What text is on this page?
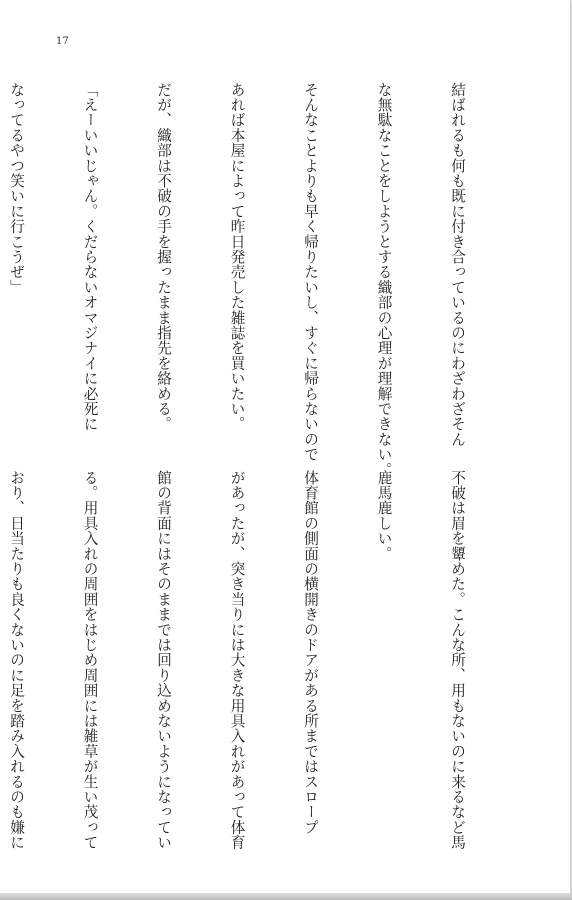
17

結ばれるも何も既に付き合っているのにわざわざそん

な無駄なことをしようとする織部の心理が理解できない。

そんなことよりも早く帰りたいし、すぐに帰らないので

あれば本屋によって昨日発売した雑誌を買いたい。

だが、織部は不破の手を握ったまま指先を絡める。

「えーいいじゃん。くだらないオマジナイに必死に

なってるやつ笑いに行こうぜ」

不破は眉を顰めた。こんな所、用もないのに来るなど馬

鹿馬鹿しい。

体育館の側面の横開きのドアがある所まではスロープ

があったが、突き当りには大きな用具入れがあって体育

館の背面にはそのままでは回り込めないようになってい

る。用具入れの周囲をはじめ周囲には雑草が生い茂って

おり、日当たりも良くないのに足を踏み入れるのも嫌に
